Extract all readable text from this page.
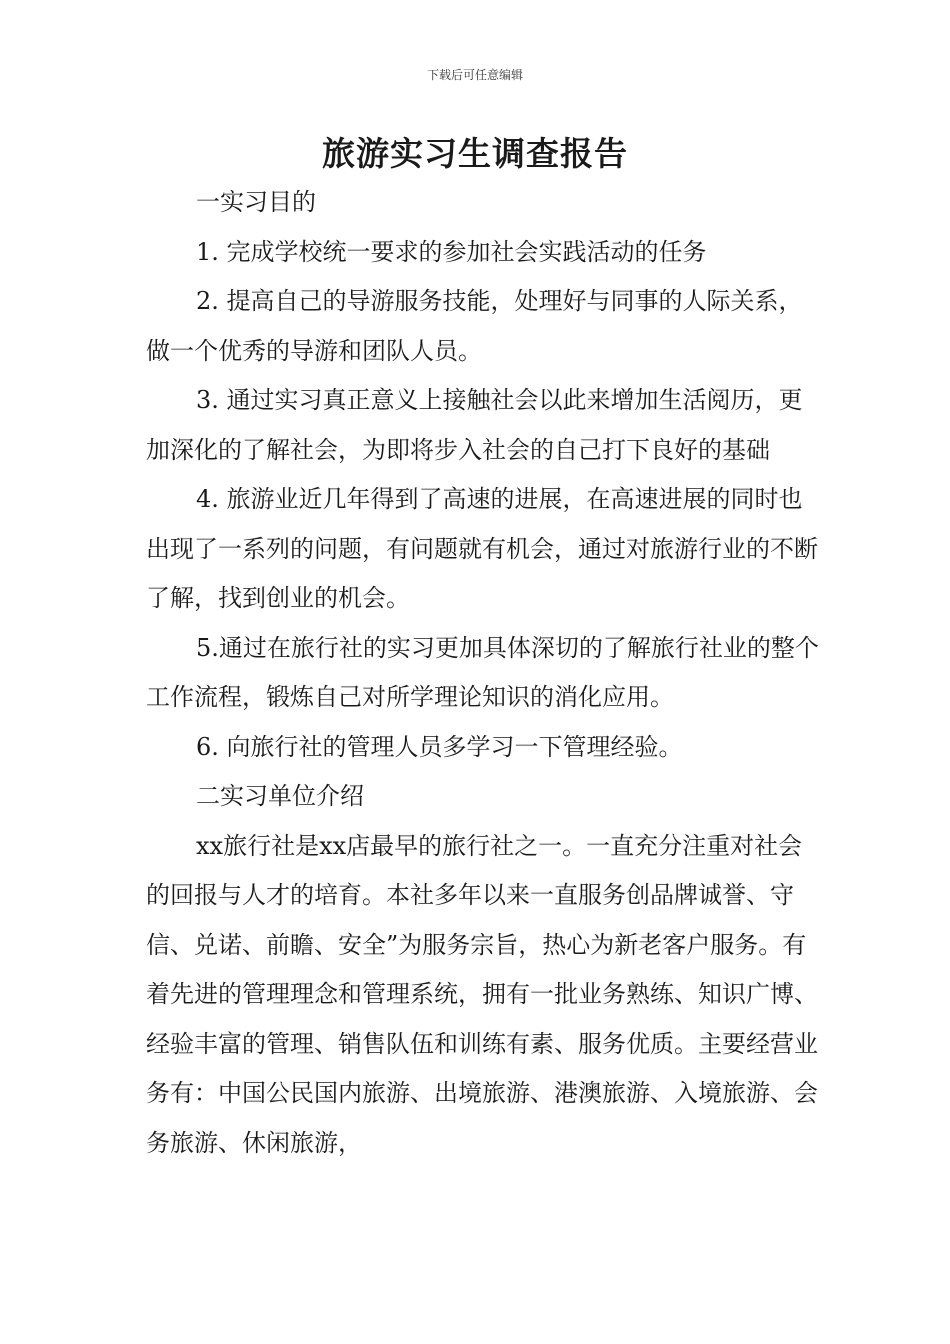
下载后可任意编辑
旅游实习生调查报告

一实习目的

1. 完成学校统一要求的参加社会实践活动的任务

2. 提高自己的导游服务技能，处理好与同事的人际关系，做一个优秀的导游和团队人员。

3. 通过实习真正意义上接触社会以此来增加生活阅历，更加深化的了解社会，为即将步入社会的自己打下良好的基础

4. 旅游业近几年得到了高速的进展，在高速进展的同时也出现了一系列的问题，有问题就有机会，通过对旅游行业的不断了解，找到创业的机会。

5.通过在旅行社的实习更加具体深切的了解旅行社业的整个工作流程，锻炼自己对所学理论知识的消化应用。

6. 向旅行社的管理人员多学习一下管理经验。

二实习单位介绍

xx旅行社是xx店最早的旅行社之一。一直充分注重对社会的回报与人才的培育。本社多年以来一直服务创品牌诚誉、守信、兑诺、前瞻、安全”为服务宗旨，热心为新老客户服务。有着先进的管理理念和管理系统，拥有一批业务熟练、知识广博、经验丰富的管理、销售队伍和训练有素、服务优质。主要经营业务有：中国公民国内旅游、出境旅游、港澳旅游、入境旅游、会务旅游、休闲旅游，
